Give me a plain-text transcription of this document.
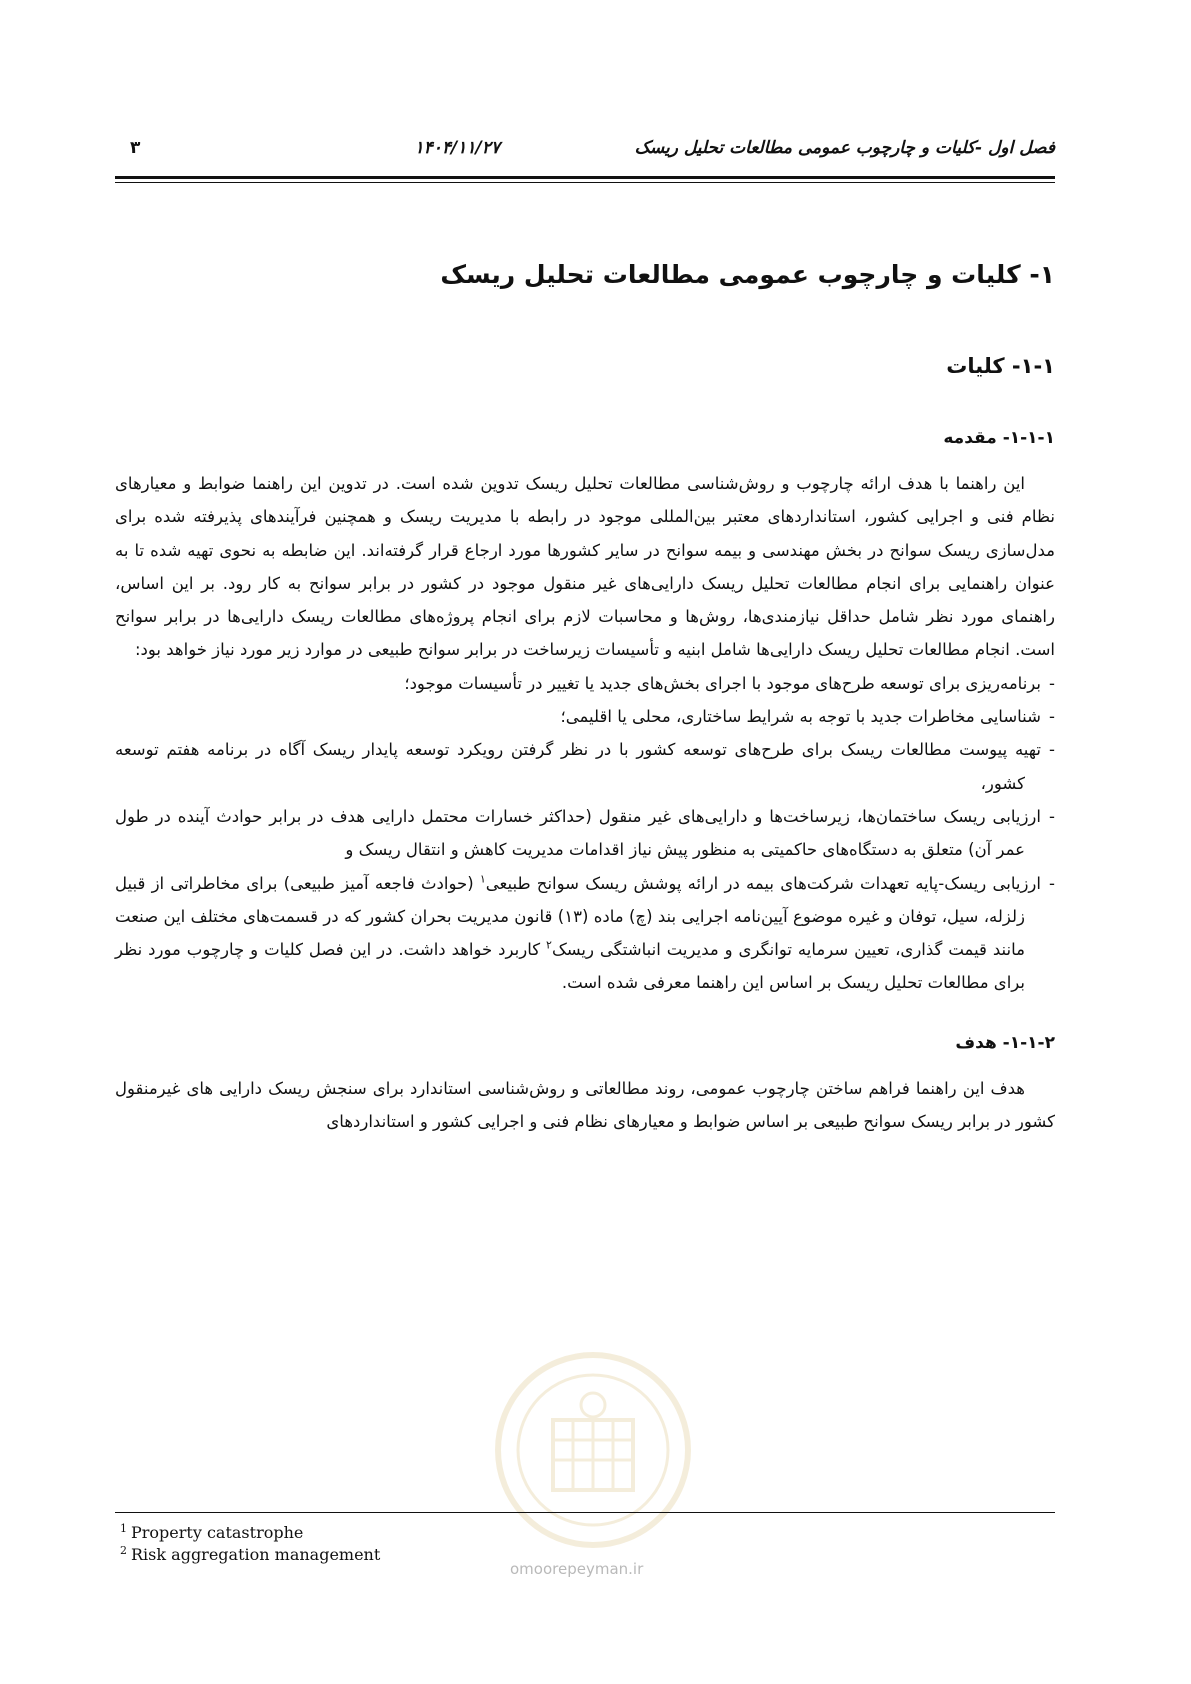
فصل اول -کلیات و چارچوب عمومی مطالعات تحلیل ریسک
۱۴۰۴/۱۱/۲۷
۳
۱- کلیات و چارچوب عمومی مطالعات تحلیل ریسک
۱-۱- کلیات
۱-۱-۱- مقدمه

این راهنما با هدف ارائه چارچوب و روش‌شناسی مطالعات تحلیل ریسک تدوین شده است. در تدوین این راهنما ضوابط و معیارهای نظام فنی و اجرایی کشور، استانداردهای معتبر بین‌المللی موجود در رابطه با مدیریت ریسک و همچنین فرآیندهای پذیرفته شده برای مدل‌سازی ریسک سوانح در بخش مهندسی و بیمه سوانح در سایر کشورها مورد ارجاع قرار گرفته‌اند. این ضابطه به نحوی تهیه شده تا به عنوان راهنمایی برای انجام مطالعات تحلیل ریسک دارایی‌های غیر منقول موجود در کشور در برابر سوانح به کار رود. بر این اساس، راهنمای مورد نظر شامل حداقل نیازمندی‌ها، روش‌ها و محاسبات لازم برای انجام پروژه‌های مطالعات ریسک دارایی‌ها در برابر سوانح است. انجام مطالعات تحلیل ریسک دارایی‌ها شامل ابنیه و تأسیسات زیرساخت در برابر سوانح طبیعی در موارد زیر مورد نیاز خواهد بود:

-برنامه‌ریزی برای توسعه طرح‌های موجود با اجرای بخش‌های جدید یا تغییر در تأسیسات موجود؛
-شناسایی مخاطرات جدید با توجه به شرایط ساختاری، محلی یا اقلیمی؛
-تهیه پیوست مطالعات ریسک برای طرح‌های توسعه کشور با در نظر گرفتن رویکرد توسعه پایدار ریسک آگاه در برنامه هفتم توسعه کشور،
-ارزیابی ریسک ساختمان‌ها، زیرساخت‌ها و دارایی‌های غیر منقول (حداکثر خسارات محتمل دارایی هدف در برابر حوادث آینده در طول عمر آن) متعلق به دستگاه‌های حاکمیتی به منظور پیش نیاز اقدامات مدیریت کاهش و انتقال ریسک و
-ارزیابی ریسک-پایه تعهدات شرکت‌های بیمه در ارائه پوشش ریسک سوانح طبیعی$^۱$ (حوادث فاجعه آمیز طبیعی) برای مخاطراتی از قبیل زلزله، سیل، توفان و غیره موضوع آیین‌نامه اجرایی بند (چ) ماده (۱۳) قانون مدیریت بحران کشور که در قسمت‌های مختلف این صنعت مانند قیمت گذاری، تعیین سرمایه توانگری و مدیریت انباشتگی ریسک$^۲$ کاربرد خواهد داشت. در این فصل کلیات و چارچوب مورد نظر برای مطالعات تحلیل ریسک بر اساس این راهنما معرفی شده است.
۱-۱-۲- هدف

هدف این راهنما فراهم ساختن چارچوب عمومی، روند مطالعاتی و روش‌شناسی استاندارد برای سنجش ریسک دارایی های غیرمنقول کشور در برابر ریسک سوانح طبیعی بر اساس ضوابط و معیارهای نظام فنی و اجرایی کشور و استانداردهای

omoorepeyman.ir
$^1$ Property catastrophe
$^2$ Risk aggregation management
